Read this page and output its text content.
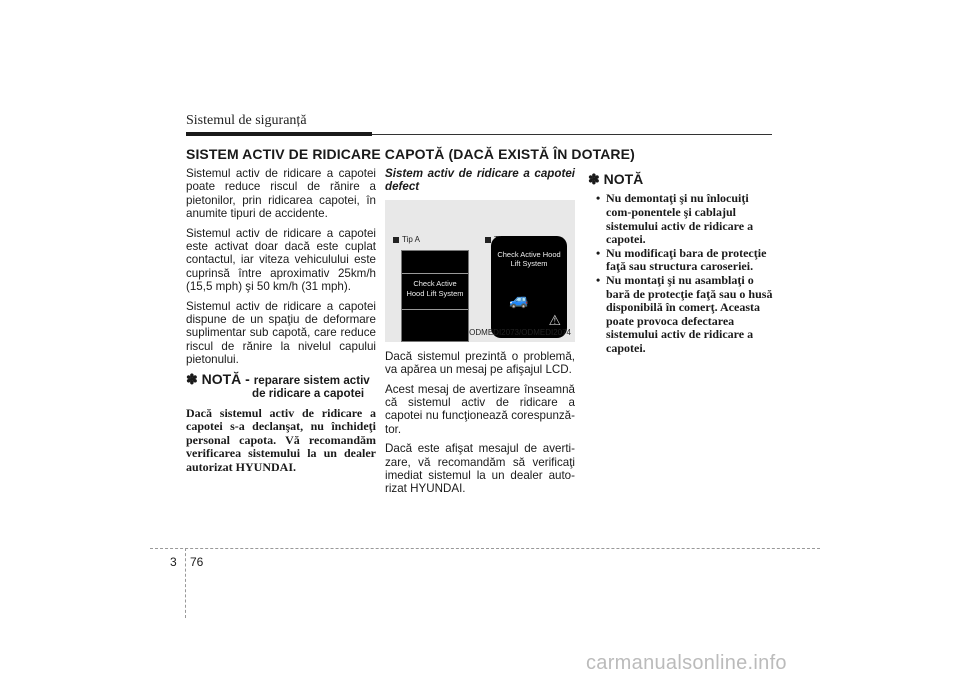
Sistemul de siguranță
SISTEM ACTIV DE RIDICARE CAPOTĂ (DACĂ EXISTĂ ÎN DOTARE)

Sistemul activ de ridicare a capotei poate reduce riscul de rănire a pietonilor, prin ridicarea capotei, în anumite tipuri de accidente.

Sistemul activ de ridicare a capotei este activat doar dacă este cuplat contactul, iar viteza vehiculului este cuprinsă între aproximativ 25km/h (15,5 mph) şi 50 km/h (31 mph).

Sistemul activ de ridicare a capotei dispune de un spaţiu de deformare suplimentar sub capotă, care reduce riscul de rănire la nivelul capului pietonului.

✽ NOTĂ - reparare sistem activ
de ridicare a capotei

Dacă sistemul activ de ridicare a capotei s-a declanşat, nu închideţi personal capota. Vă recomandăm verificarea sistemului la un dealer autorizat HYUNDAI.

Sistem activ de ridicare a capotei defect

Tip A
Check Active Hood Lift System
Check Active Hood Lift System
🚙
⚠
ODMEDI2073/ODMEDI2074

Dacă sistemul prezintă o problemă, va apărea un mesaj pe afişajul LCD.

Acest mesaj de avertizare înseamnă că sistemul activ de ridicare a capotei nu funcţionează corespunză-tor.

Dacă este afişat mesajul de averti-zare, vă recomandăm să verificaţi imediat sistemul la un dealer auto-rizat HYUNDAI.

✽ NOTĂ
• Nu demontaţi şi nu înlocuiţi com-ponentele şi cablajul sistemului activ de ridicare a capotei.
• Nu modificaţi bara de protecţie faţă sau structura caroseriei.
• Nu montaţi şi nu asamblaţi o bară de protecţie faţă sau o husă disponibilă în comerţ. Aceasta poate provoca defectarea sistemului activ de ridicare a capotei.
3 76
carmanualsonline.info
